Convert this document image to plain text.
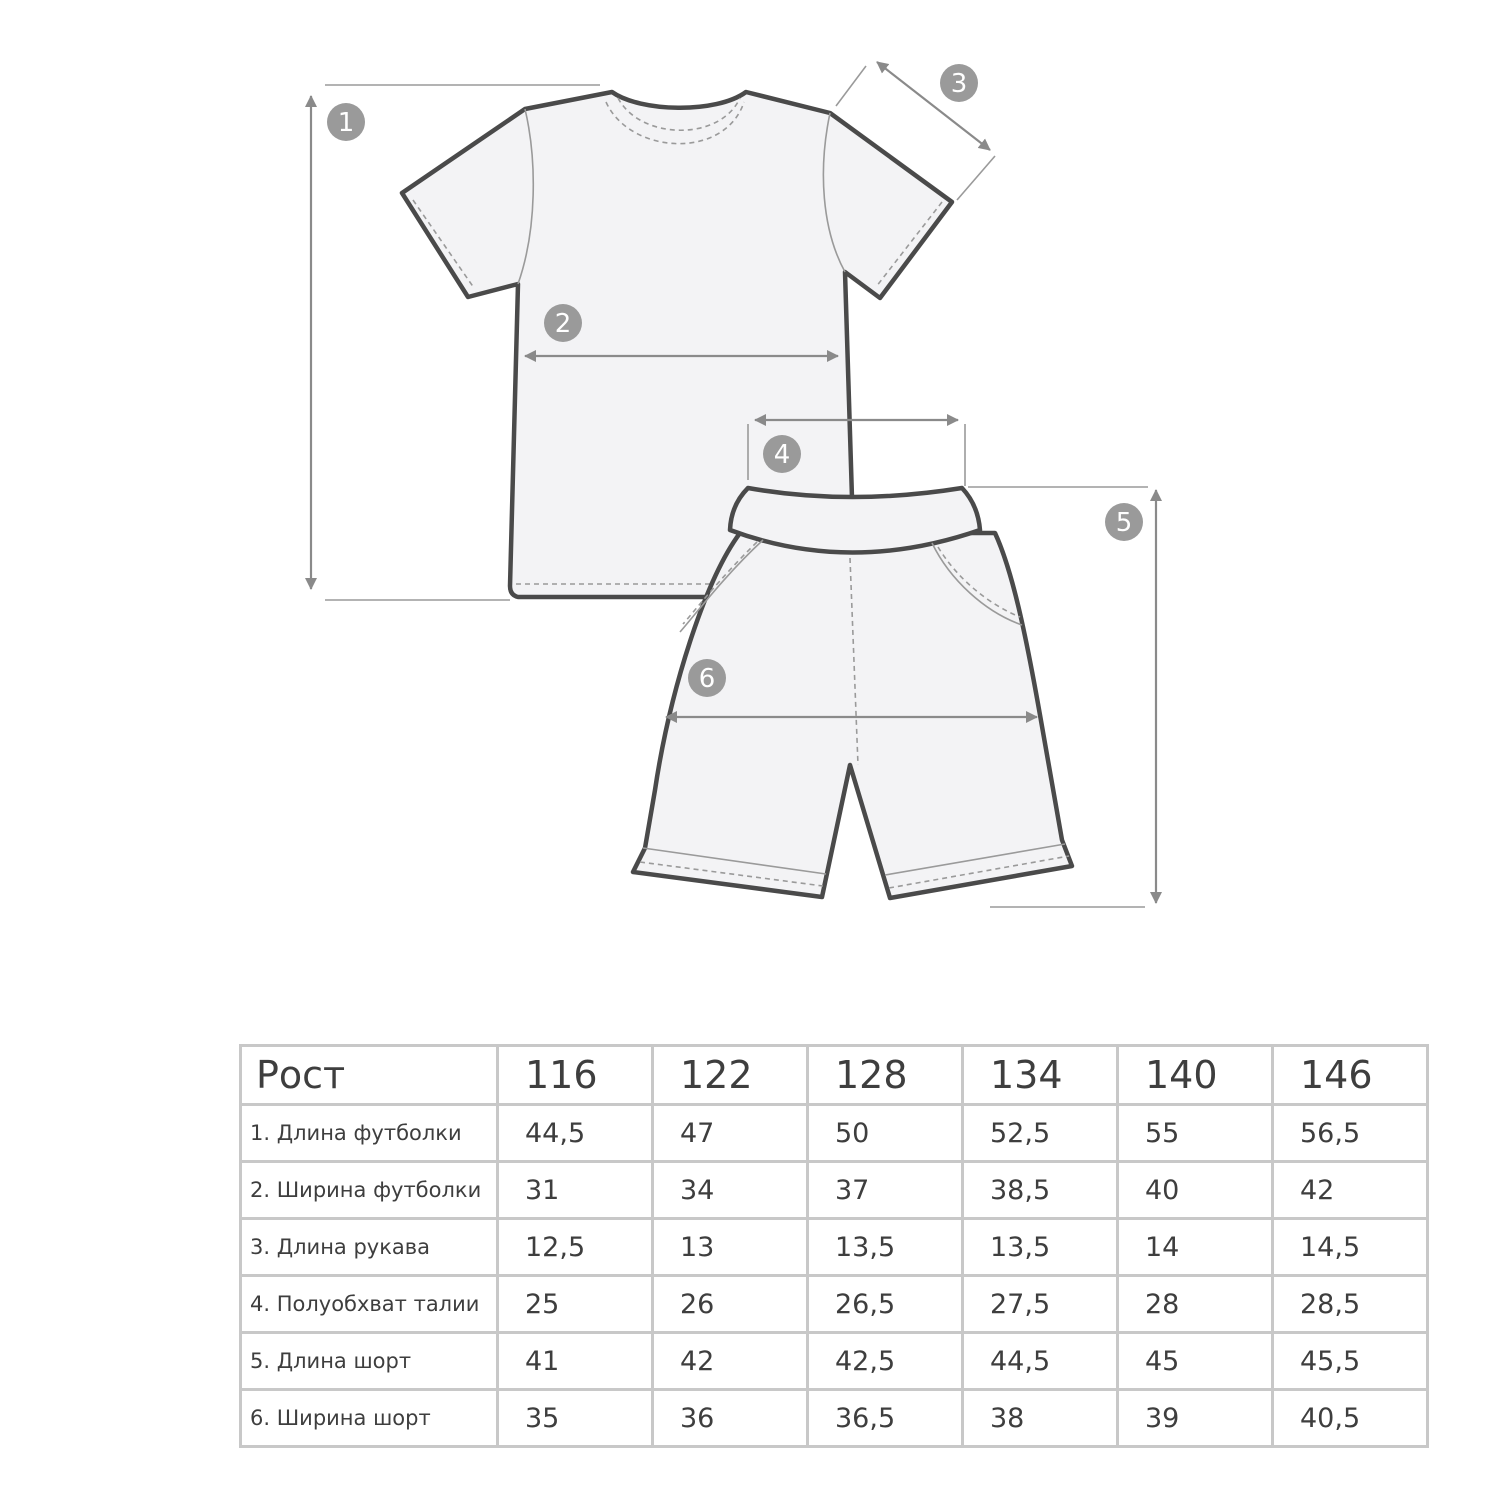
1
2
3
4
5
6
Рост	116	122	128	134	140	146
1. Длина футболки	44,5	47	50	52,5	55	56,5
2. Ширина футболки	31	34	37	38,5	40	42
3. Длина рукава	12,5	13	13,5	13,5	14	14,5
4. Полуобхват талии	25	26	26,5	27,5	28	28,5
5. Длина шорт	41	42	42,5	44,5	45	45,5
6. Ширина шорт	35	36	36,5	38	39	40,5
